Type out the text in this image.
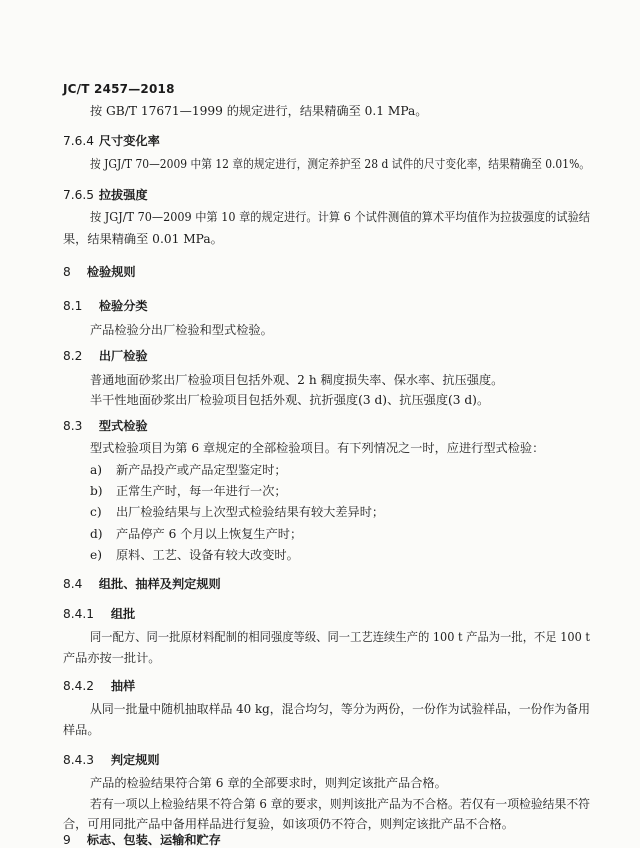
JC/T 2457—2018
按 GB/T 17671—1999 的规定进行，结果精确至 0.1 MPa。
7.6.4 尺寸变化率
按 JGJ/T 70—2009 中第 12 章的规定进行，测定养护至 28 d 试件的尺寸变化率，结果精确至 0.01%。
7.6.5 拉拔强度
按 JGJ/T 70—2009 中第 10 章的规定进行。计算 6 个试件测值的算术平均值作为拉拔强度的试验结
果，结果精确至 0.01 MPa。
8 检验规则
8.1 检验分类
产品检验分出厂检验和型式检验。
8.2 出厂检验
普通地面砂浆出厂检验项目包括外观、2 h 稠度损失率、保水率、抗压强度。
半干性地面砂浆出厂检验项目包括外观、抗折强度(3 d)、抗压强度(3 d)。
8.3 型式检验
型式检验项目为第 6 章规定的全部检验项目。有下列情况之一时，应进行型式检验：
a) 新产品投产或产品定型鉴定时；
b) 正常生产时，每一年进行一次；
c) 出厂检验结果与上次型式检验结果有较大差异时；
d) 产品停产 6 个月以上恢复生产时；
e) 原料、工艺、设备有较大改变时。
8.4 组批、抽样及判定规则
8.4.1 组批
同一配方、同一批原材料配制的相同强度等级、同一工艺连续生产的 100 t 产品为一批，不足 100 t
产品亦按一批计。
8.4.2 抽样
从同一批量中随机抽取样品 40 kg，混合均匀，等分为两份，一份作为试验样品，一份作为备用
样品。
8.4.3 判定规则
产品的检验结果符合第 6 章的全部要求时，则判定该批产品合格。
若有一项以上检验结果不符合第 6 章的要求，则判该批产品为不合格。若仅有一项检验结果不符
合，可用同批产品中备用样品进行复验，如该项仍不符合，则判定该批产品不合格。
9 标志、包装、运输和贮存
